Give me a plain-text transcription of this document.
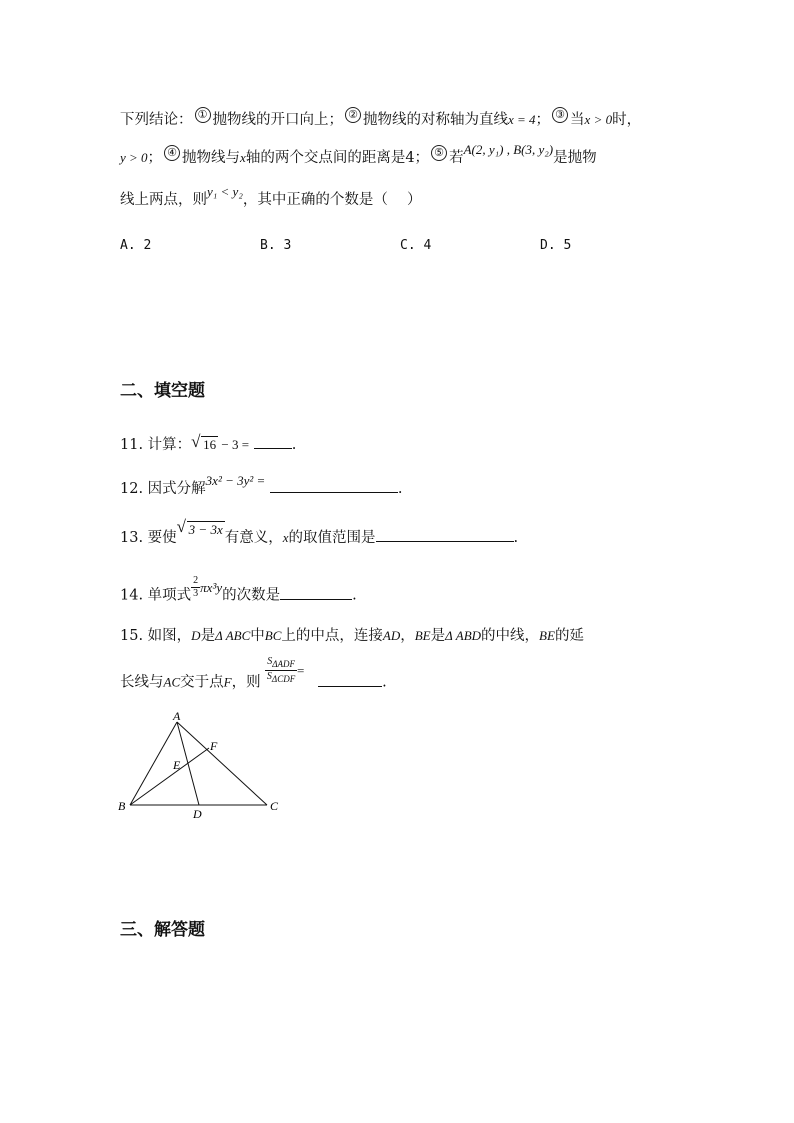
下列结论： ① 抛物线的开口向上； ② 抛物线的对称轴为直线x = 4； ③ 当x > 0时，
y > 0； ④ 抛物线与x轴的两个交点间的距离是4； ⑤ 若A(2, y₁) , B(3, y₂)是抛物
线上两点，则y₁ < y₂，其中正确的个数是（　 ）
A. 2	B. 3	C. 4	D. 5
二、填空题
11. 计算：√ 16 − 3 =	.
12. 因式分解3x² − 3y² = .
13. 要使√ 3 − 3x有意义，x的取值范围是	.
14. 单项式 $\frac{2}{3} \pi x^3y$的次数是	.
15. 如图，D是Δ ABC中BC上的中点，连接AD，BE是Δ ABD的中线，BE的延
长线与AC交于点F，则 $\frac{S_{\Delta ADF}}{S_{\Delta CDF}}$ =   .
A
B	C
D
E
F
三、解答题
